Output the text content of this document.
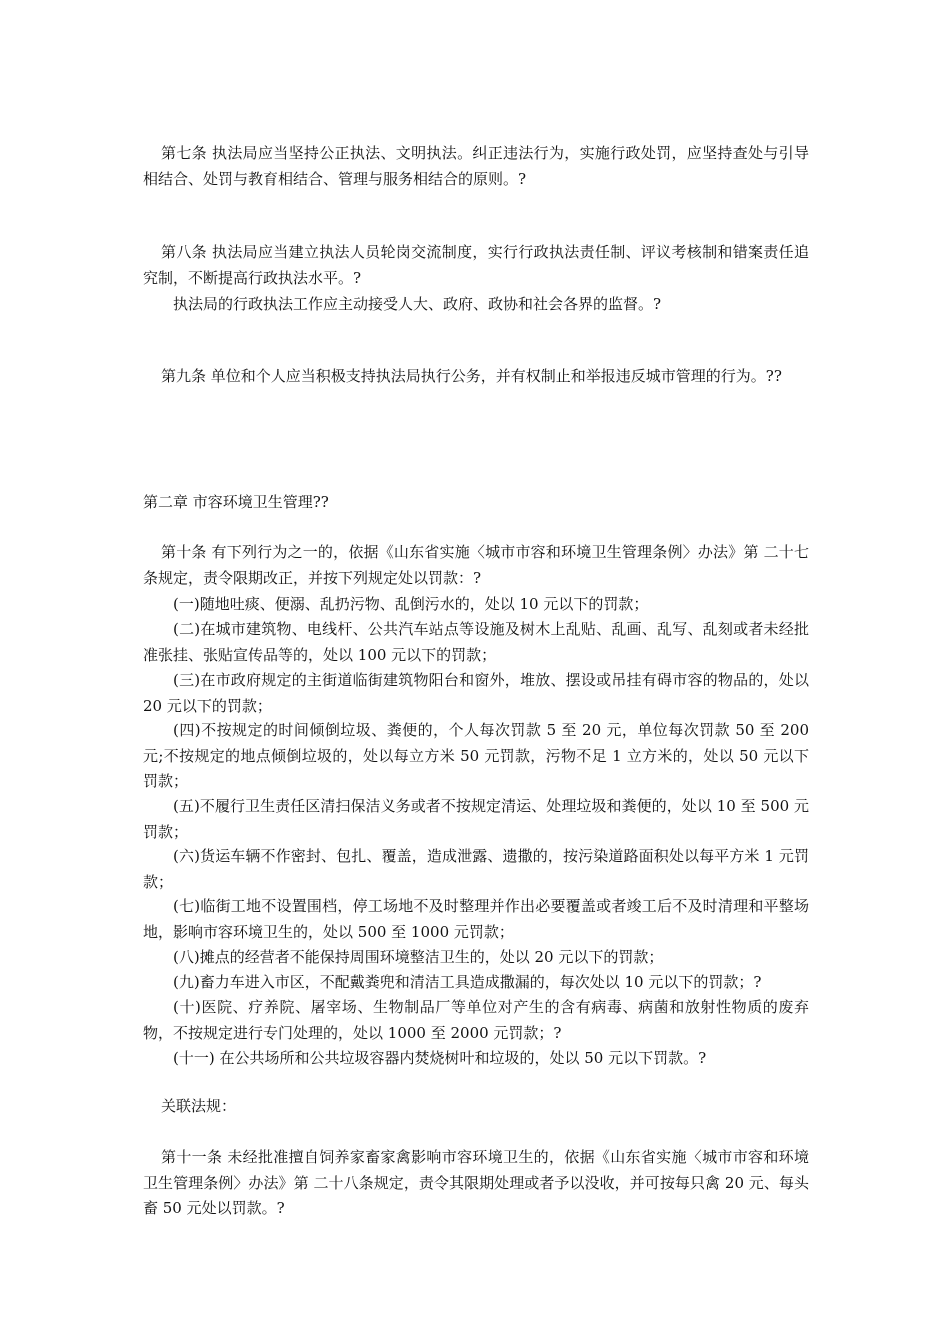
第七条 执法局应当坚持公正执法、文明执法。纠正违法行为，实施行政处罚，应坚持查处与引导相结合、处罚与教育相结合、管理与服务相结合的原则。?

第八条 执法局应当建立执法人员轮岗交流制度，实行行政执法责任制、评议考核制和错案责任追究制，不断提高行政执法水平。?

执法局的行政执法工作应主动接受人大、政府、政协和社会各界的监督。?

第九条 单位和个人应当积极支持执法局执行公务，并有权制止和举报违反城市管理的行为。??

第二章 市容环境卫生管理??

第十条 有下列行为之一的，依据《山东省实施〈城市市容和环境卫生管理条例〉办法》第 二十七条规定，责令限期改正，并按下列规定处以罚款：?

(一)随地吐痰、便溺、乱扔污物、乱倒污水的，处以 10 元以下的罚款；

(二)在城市建筑物、电线杆、公共汽车站点等设施及树木上乱贴、乱画、乱写、乱刻或者未经批准张挂、张贴宣传品等的，处以 100 元以下的罚款；

(三)在市政府规定的主街道临街建筑物阳台和窗外，堆放、摆设或吊挂有碍市容的物品的，处以 20 元以下的罚款；

(四)不按规定的时间倾倒垃圾、粪便的，个人每次罚款 5 至 20 元，单位每次罚款 50 至 200 元;不按规定的地点倾倒垃圾的，处以每立方米 50 元罚款，污物不足 1 立方米的，处以 50 元以下罚款；

(五)不履行卫生责任区清扫保洁义务或者不按规定清运、处理垃圾和粪便的，处以 10 至 500 元罚款；

(六)货运车辆不作密封、包扎、覆盖，造成泄露、遗撒的，按污染道路面积处以每平方米 1 元罚款；

(七)临街工地不设置围档，停工场地不及时整理并作出必要覆盖或者竣工后不及时清理和平整场地，影响市容环境卫生的，处以 500 至 1000 元罚款；

(八)摊点的经营者不能保持周围环境整洁卫生的，处以 20 元以下的罚款；

(九)畜力车进入市区，不配戴粪兜和清洁工具造成撒漏的，每次处以 10 元以下的罚款；?

(十)医院、疗养院、屠宰场、生物制品厂等单位对产生的含有病毒、病菌和放射性物质的废弃物，不按规定进行专门处理的，处以 1000 至 2000 元罚款；?

(十一) 在公共场所和公共垃圾容器内焚烧树叶和垃圾的，处以 50 元以下罚款。?

关联法规：

第十一条 未经批准擅自饲养家畜家禽影响市容环境卫生的，依据《山东省实施〈城市市容和环境卫生管理条例〉办法》第 二十八条规定，责令其限期处理或者予以没收，并可按每只禽 20 元、每头畜 50 元处以罚款。?
